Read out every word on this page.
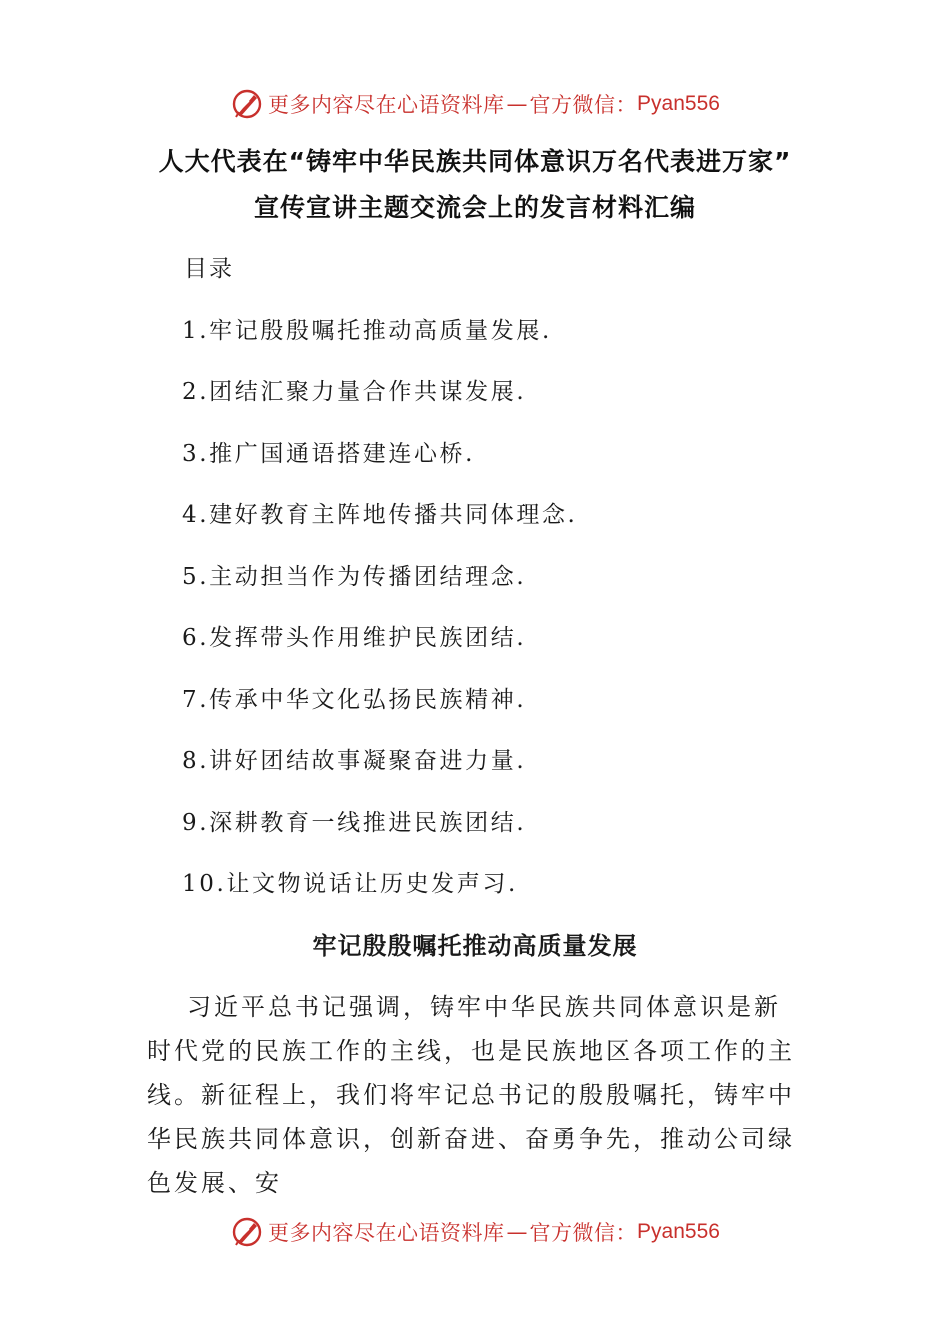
更多内容尽在心语资料库 — 官方微信： Pyan556
人大代表在“铸牢中华民族共同体意识万名代表进万家”
宣传宣讲主题交流会上的发言材料汇编
目录
1.牢记殷殷嘱托推动高质量发展.
2.团结汇聚力量合作共谋发展.
3.推广国通语搭建连心桥.
4.建好教育主阵地传播共同体理念.
5.主动担当作为传播团结理念.
6.发挥带头作用维护民族团结.
7.传承中华文化弘扬民族精神.
8.讲好团结故事凝聚奋进力量.
9.深耕教育一线推进民族团结.
10.让文物说话让历史发声习.
牢记殷殷嘱托推动高质量发展
习近平总书记强调，铸牢中华民族共同体意识是新时代党的民族工作的主线，也是民族地区各项工作的主线。新征程上，我们将牢记总书记的殷殷嘱托，铸牢中华民族共同体意识，创新奋进、奋勇争先，推动公司绿色发展、安
更多内容尽在心语资料库 — 官方微信： Pyan556
